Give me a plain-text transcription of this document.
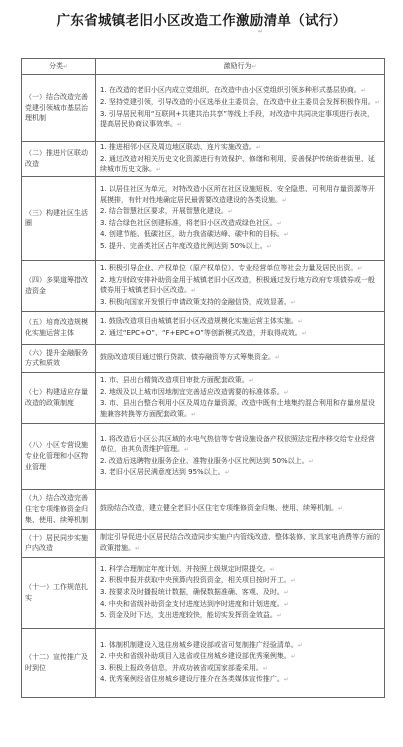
广东省城镇老旧小区改造工作激励清单（试行）
↵
分类↵	激励行为↵
（一）结合改造完善党建引领城市基层治理机制	1. 在改造的老旧小区内成立党组织，在改造中由小区党组织引领多种形式基层协商。↵
2. 坚持党建引领，引导改造的小区选举业主委员会，在改造中业主委员会发挥积极作用。↵
3. 引导居民利用“互联网+共建共治共享”等线上手段，对改造中共同决定事项进行表决，提高居民协商议事效率。↵

（二）推进片区联动改造	1. 推进相邻小区及周边地区联动、连片实施改造。↵
2. 通过改造对相关历史文化资源进行有效保护、修缮和利用，妥善保护传统街巷街里、延续城市历史文脉。↵

（三）构建社区生活圈	1. 以居住社区为单元，对特改造小区所在社区设施短板、安全隐患、可利用存量资源等开展摸排，有针对性地确定居民最需要改造建设的各类设施。↵
2. 结合智慧社区要求，开展智慧化建设。↵
3. 结合绿色社区创建标准，将老旧小区改造成绿色社区。↵
4. 创建节能、低碳社区，助力我省碳达峰、碳中和的目标。↵
5. 提升、完善类社区占年度改造比例达到 50%以上。↵

（四）多渠道筹措改造资金	1. 积极引导企业、产权单位（原产权单位）、专业经营单位等社会力量及居民出资。↵
2. 地方财政安排补助资金用于城镇老旧小区改造，积极通过发行地方政府专项债券或一般债券用于城镇老旧小区改造。↵
3. 积极向国家开发银行申请政策支持的金融信贷，成效显著。↵

（五）培育改造规模化实施运营主体	1. 鼓励改造项目由城镇老旧小区改造规模化实施运营主体实施。↵
2. 通过“EPC+O”、“F+EPC+O”等创新模式改造，并取得成效。↵

（六）提升金融服务方式和质效	鼓励改造项目通过银行贷款、债券融资等方式筹集资金。↵

（七）构建适应存量改造的政策制度	1. 市、县出台精简改造项目审批方面配套政策。↵
2. 地级及以上城市因地制宜完善适应改造需要的标准体系。↵
3. 市、县出台整合利用小区及周边存量资源，改造中既有土地集约混合利用和存量房屋设施兼容转换等方面配套政策。↵

（八）小区专营设施专业化管理和小区物业管理	1. 将改造后小区公共区域的水电气热信等专营设施设备产权依照法定程序移交给专业经营单位，由其负责维护管理。↵
2. 改造后选聘物业服务企业、准物业服务小区比例达到 50%以上。↵
3. 老旧小区居民满意度达到 95%以上。↵

（九）结合改造完善住宅专项维修资金归集、使用、续筹机制	鼓励结合改造，建立健全老旧小区住宅专项维修资金归集、使用、续筹机制。↵

（十）居民同步实施户内改造	制定引导促进小区居民结合改造同步实施户内管线改造、整体装修、家具家电消费等方面的政策措施。↵

（十一）工作规范扎实	1. 科学合理制定年度计划，并按照上级规定时限提交。↵
2. 积极申报并获取中央预算内投资资金，相关项目按时开工。↵
3. 按要求及时播报统计数据，确保数据准确、客观、及时。↵
4. 中央和省级补助资金支付进度达到序时进度和计划进度。↵
5. 资金及时下达，支出进度较快，能切实发挥资金效益。↵

（十二）宣传推广及时到位	1. 体制机制建设入选住房城乡建设部或省可复制推广经验清单。↵
2. 中央和省级补助项目入选省或住房城乡建设部优秀案例集。↵
3. 积极上报政务信息，并成功被省或国家部委采用。↵
4. 优秀案例经省住房城乡建设厅推介在各类媒体宣传推广。↵
